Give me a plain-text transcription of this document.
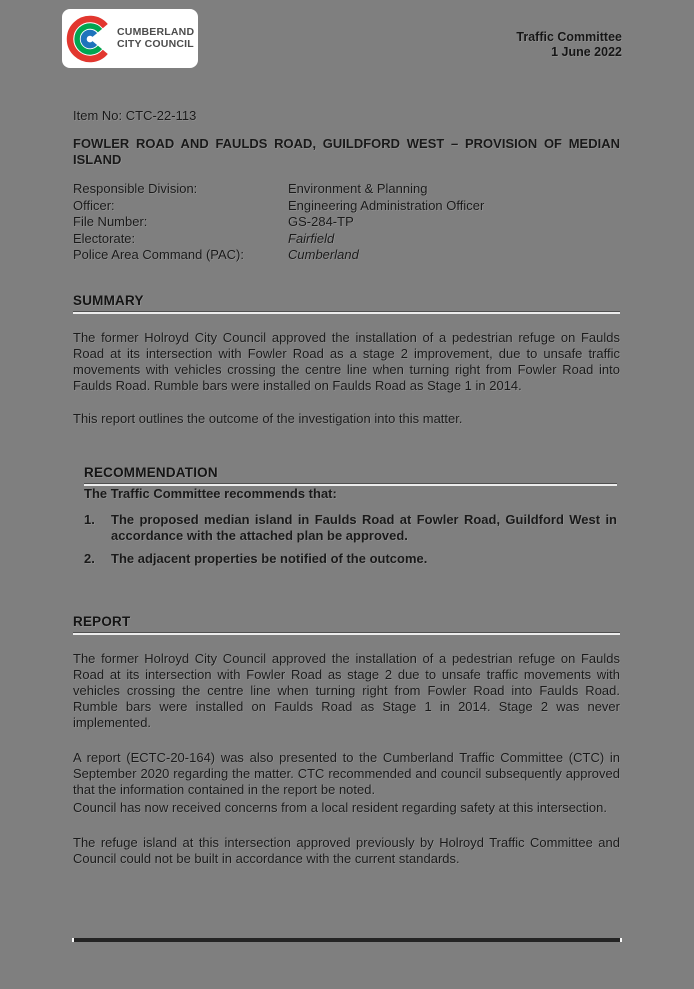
CUMBERLAND
CITY COUNCIL	Traffic Committee
1 June 2022
Item No: CTC-22-113
FOWLER ROAD AND FAULDS ROAD, GUILDFORD WEST – PROVISION OF MEDIAN ISLAND
Responsible Division:	Environment & Planning
Officer:	Engineering Administration Officer
File Number:	GS-284-TP
Electorate:	Fairfield
Police Area Command (PAC):	Cumberland
SUMMARY

The former Holroyd City Council approved the installation of a pedestrian refuge on Faulds Road at its intersection with Fowler Road as a stage 2 improvement, due to unsafe traffic movements with vehicles crossing the centre line when turning right from Fowler Road into Faulds Road. Rumble bars were installed on Faulds Road as Stage 1 in 2014.

This report outlines the outcome of the investigation into this matter.

RECOMMENDATION

The Traffic Committee recommends that:

1. The proposed median island in Faulds Road at Fowler Road, Guildford West in accordance with the attached plan be approved.
2. The adjacent properties be notified of the outcome.
REPORT

The former Holroyd City Council approved the installation of a pedestrian refuge on Faulds Road at its intersection with Fowler Road as stage 2 due to unsafe traffic movements with vehicles crossing the centre line when turning right from Fowler Road into Faulds Road. Rumble bars were installed on Faulds Road as Stage 1 in 2014. Stage 2 was never implemented.

A report (ECTC-20-164) was also presented to the Cumberland Traffic Committee (CTC) in September 2020 regarding the matter. CTC recommended and council subsequently approved that the information contained in the report be noted.

Council has now received concerns from a local resident regarding safety at this intersection.

The refuge island at this intersection approved previously by Holroyd Traffic Committee and Council could not be built in accordance with the current standards.
